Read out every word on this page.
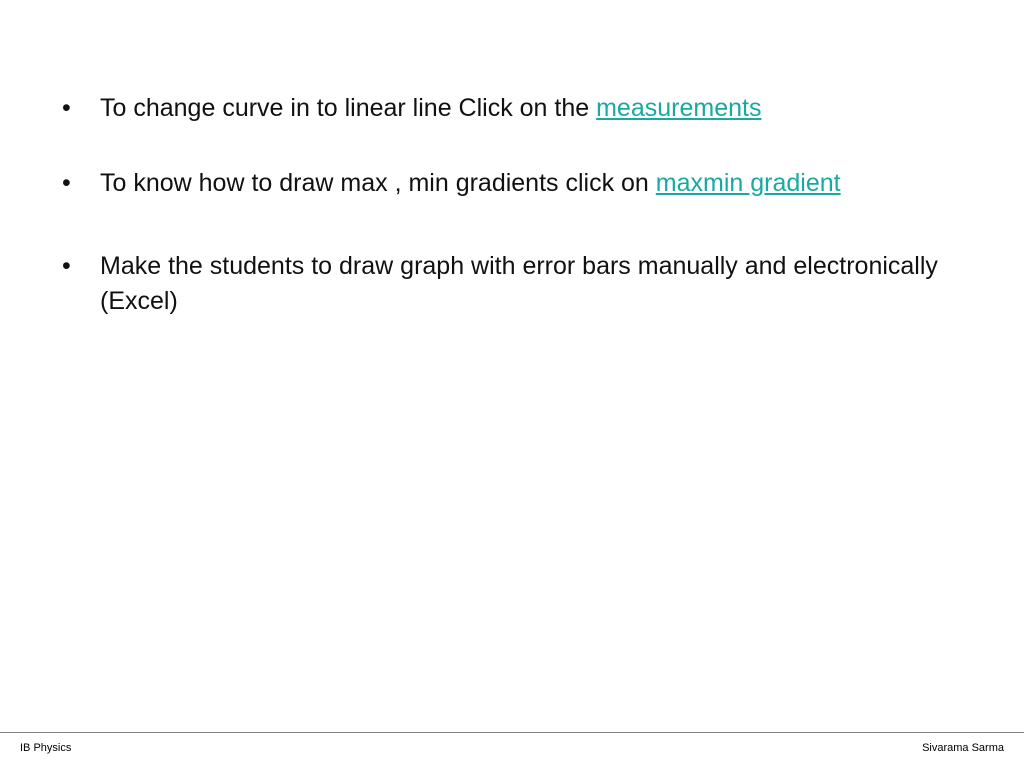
•	To change curve in to linear line Click on the measurements
•	To know how to draw max , min gradients click on maxmin gradient
•	Make the students to draw graph with error bars manually and electronically (Excel)
IB Physics	Sivarama Sarma
